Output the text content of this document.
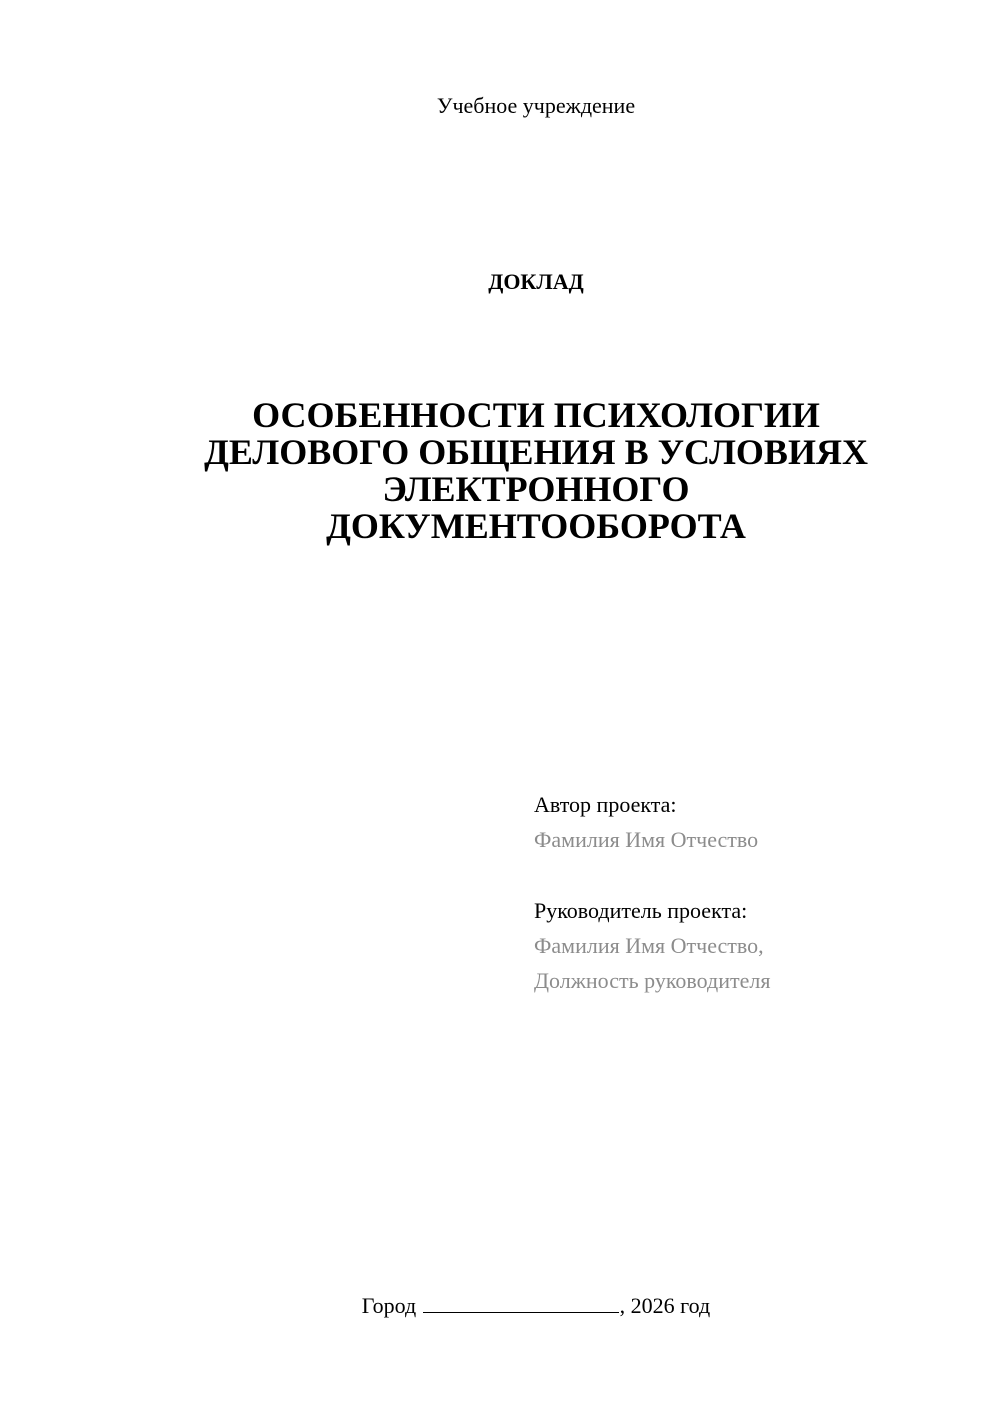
Учебное учреждение
ДОКЛАД
ОСОБЕННОСТИ ПСИХОЛОГИИ
ДЕЛОВОГО ОБЩЕНИЯ В УСЛОВИЯХ
ЭЛЕКТРОННОГО
ДОКУМЕНТООБОРОТА
Автор проекта:
Фамилия Имя Отчество
Руководитель проекта:
Фамилия Имя Отчество,
Должность руководителя
Город	, 2026 год
